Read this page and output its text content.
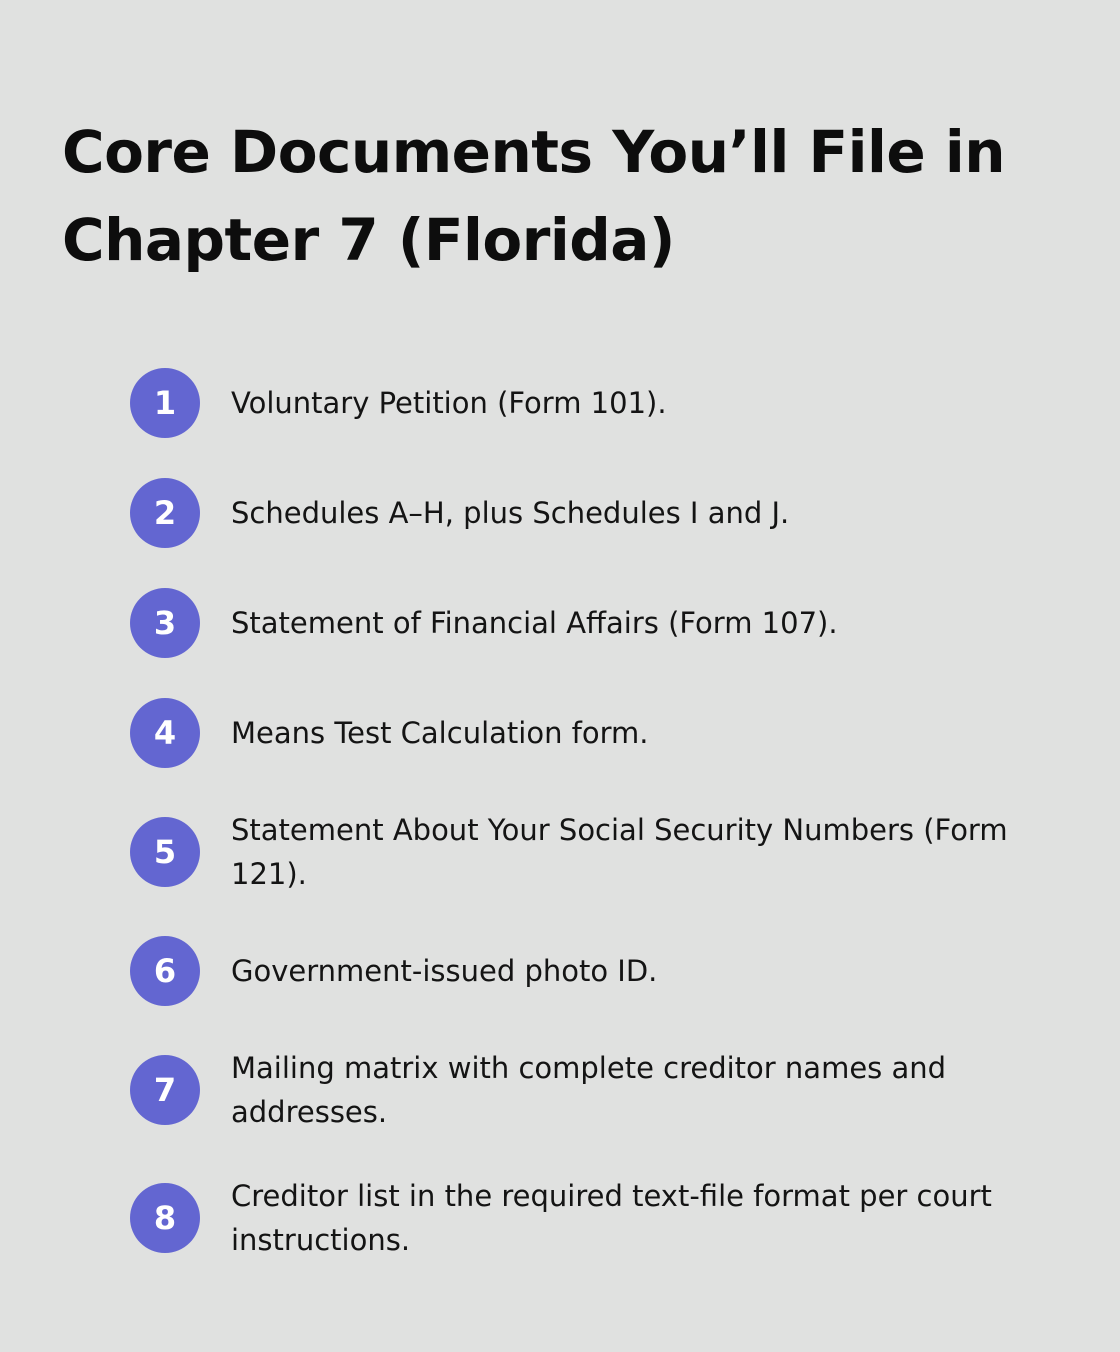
Core Documents You’ll File in Chapter 7 (Florida)
1	Voluntary Petition (Form 101).
2	Schedules A–H, plus Schedules I and J.
3	Statement of Financial Affairs (Form 107).
4	Means Test Calculation form.
5
Statement About Your Social Security Numbers (Form 121).
6	Government-issued photo ID.
7
Mailing matrix with complete creditor names and addresses.
8
Creditor list in the required text-file format per court instructions.
